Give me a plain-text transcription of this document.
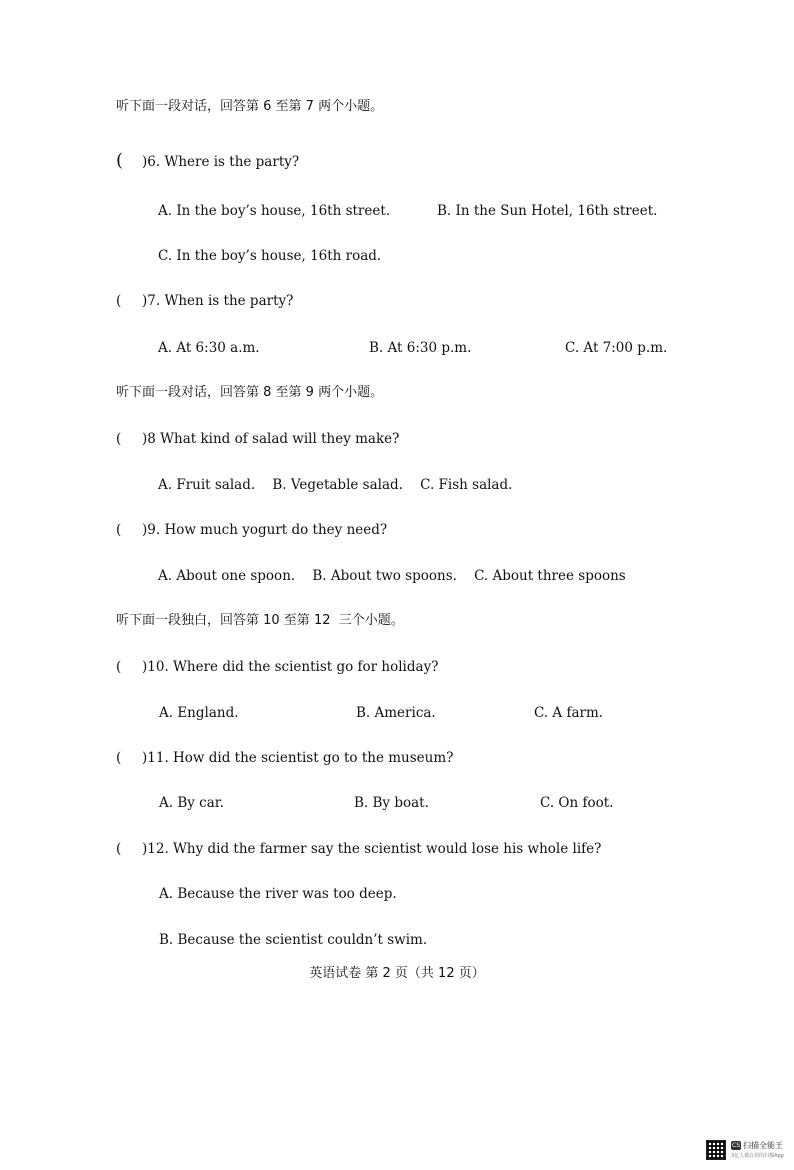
听下面一段对话，回答第 6 至第 7 两个小题。
( )6. Where is the party?
A. In the boy’s house, 16th street.	B. In the Sun Hotel, 16th street.
C. In the boy’s house, 16th road.
( )7. When is the party?
A. At 6:30 a.m.	B. At 6:30 p.m.	C. At 7:00 p.m.
听下面一段对话，回答第 8 至第 9 两个小题。
( )8 What kind of salad will they make?
A. Fruit salad.    B. Vegetable salad.    C. Fish salad.
( )9. How much yogurt do they need?
A. About one spoon.    B. About two spoons.    C. About three spoons
听下面一段独白，回答第 10 至第 12  三个小题。
( )10. Where did the scientist go for holiday?
A. England.	B. America.	C. A farm.
( )11. How did the scientist go to the museum?
A. By car.	B. By boat.	C. On foot.
( )12. Why did the farmer say the scientist would lose his whole life?
A. Because the river was too deep.
B. Because the scientist couldn’t swim.
英语试卷 第 2 页（共 12 页）
CS 扫描全能王
3亿人都在用的扫描App
